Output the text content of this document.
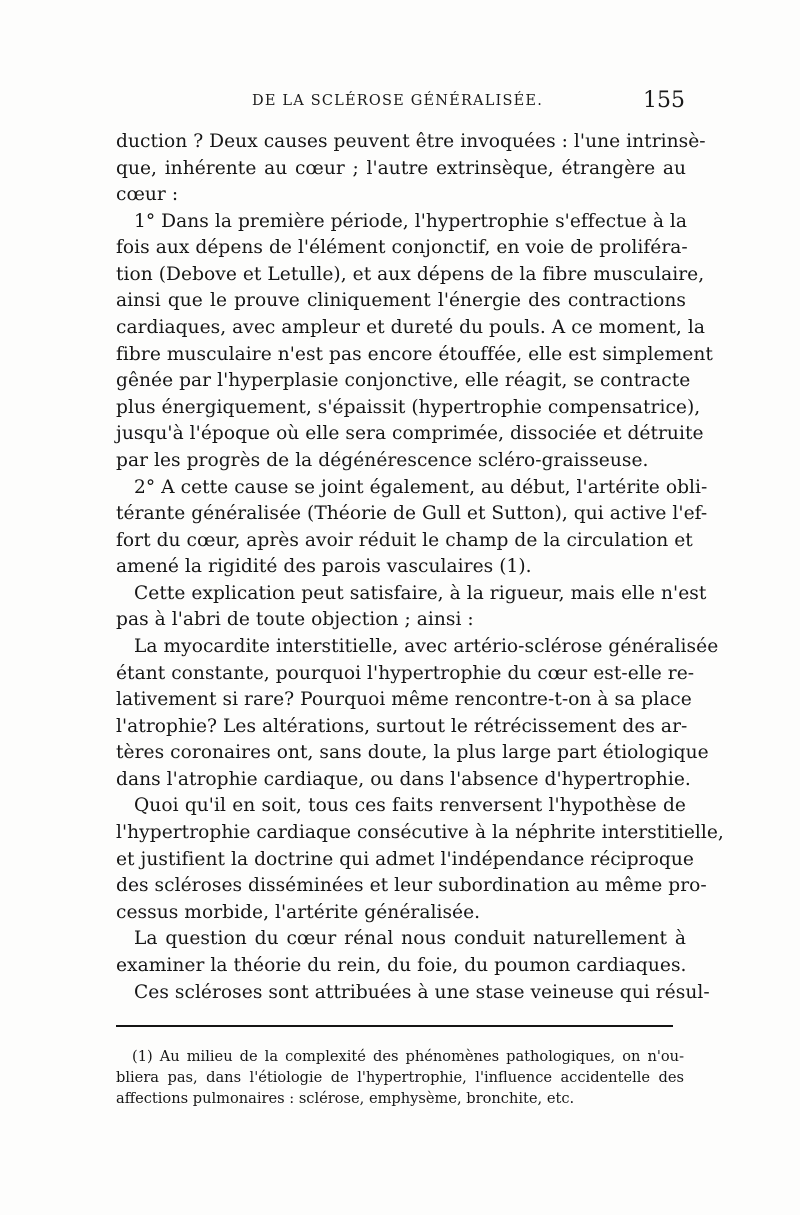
DE LA SCLÉROSE GÉNÉRALISÉE.	155
duction ? Deux causes peuvent être invoquées : l'une intrinsè-
que, inhérente au cœur ; l'autre extrinsèque, étrangère au
cœur :
1° Dans la première période, l'hypertrophie s'effectue à la
fois aux dépens de l'élément conjonctif, en voie de proliféra-
tion (Debove et Letulle), et aux dépens de la fibre musculaire,
ainsi que le prouve cliniquement l'énergie des contractions
cardiaques, avec ampleur et dureté du pouls. A ce moment, la
fibre musculaire n'est pas encore étouffée, elle est simplement
gênée par l'hyperplasie conjonctive, elle réagit, se contracte
plus énergiquement, s'épaissit (hypertrophie compensatrice),
jusqu'à l'époque où elle sera comprimée, dissociée et détruite
par les progrès de la dégénérescence scléro-graisseuse.
2° A cette cause se joint également, au début, l'artérite obli-
térante généralisée (Théorie de Gull et Sutton), qui active l'ef-
fort du cœur, après avoir réduit le champ de la circulation et
amené la rigidité des parois vasculaires (1).
Cette explication peut satisfaire, à la rigueur, mais elle n'est
pas à l'abri de toute objection ; ainsi :
La myocardite interstitielle, avec artério-sclérose généralisée
étant constante, pourquoi l'hypertrophie du cœur est-elle re-
lativement si rare? Pourquoi même rencontre-t-on à sa place
l'atrophie? Les altérations, surtout le rétrécissement des ar-
tères coronaires ont, sans doute, la plus large part étiologique
dans l'atrophie cardiaque, ou dans l'absence d'hypertrophie.
Quoi qu'il en soit, tous ces faits renversent l'hypothèse de
l'hypertrophie cardiaque consécutive à la néphrite interstitielle,
et justifient la doctrine qui admet l'indépendance réciproque
des scléroses disséminées et leur subordination au même pro-
cessus morbide, l'artérite généralisée.
La question du cœur rénal nous conduit naturellement à
examiner la théorie du rein, du foie, du poumon cardiaques.
Ces scléroses sont attribuées à une stase veineuse qui résul-
(1) Au milieu de la complexité des phénomènes pathologiques, on n'ou-
bliera pas, dans l'étiologie de l'hypertrophie, l'influence accidentelle des
affections pulmonaires : sclérose, emphysème, bronchite, etc.
